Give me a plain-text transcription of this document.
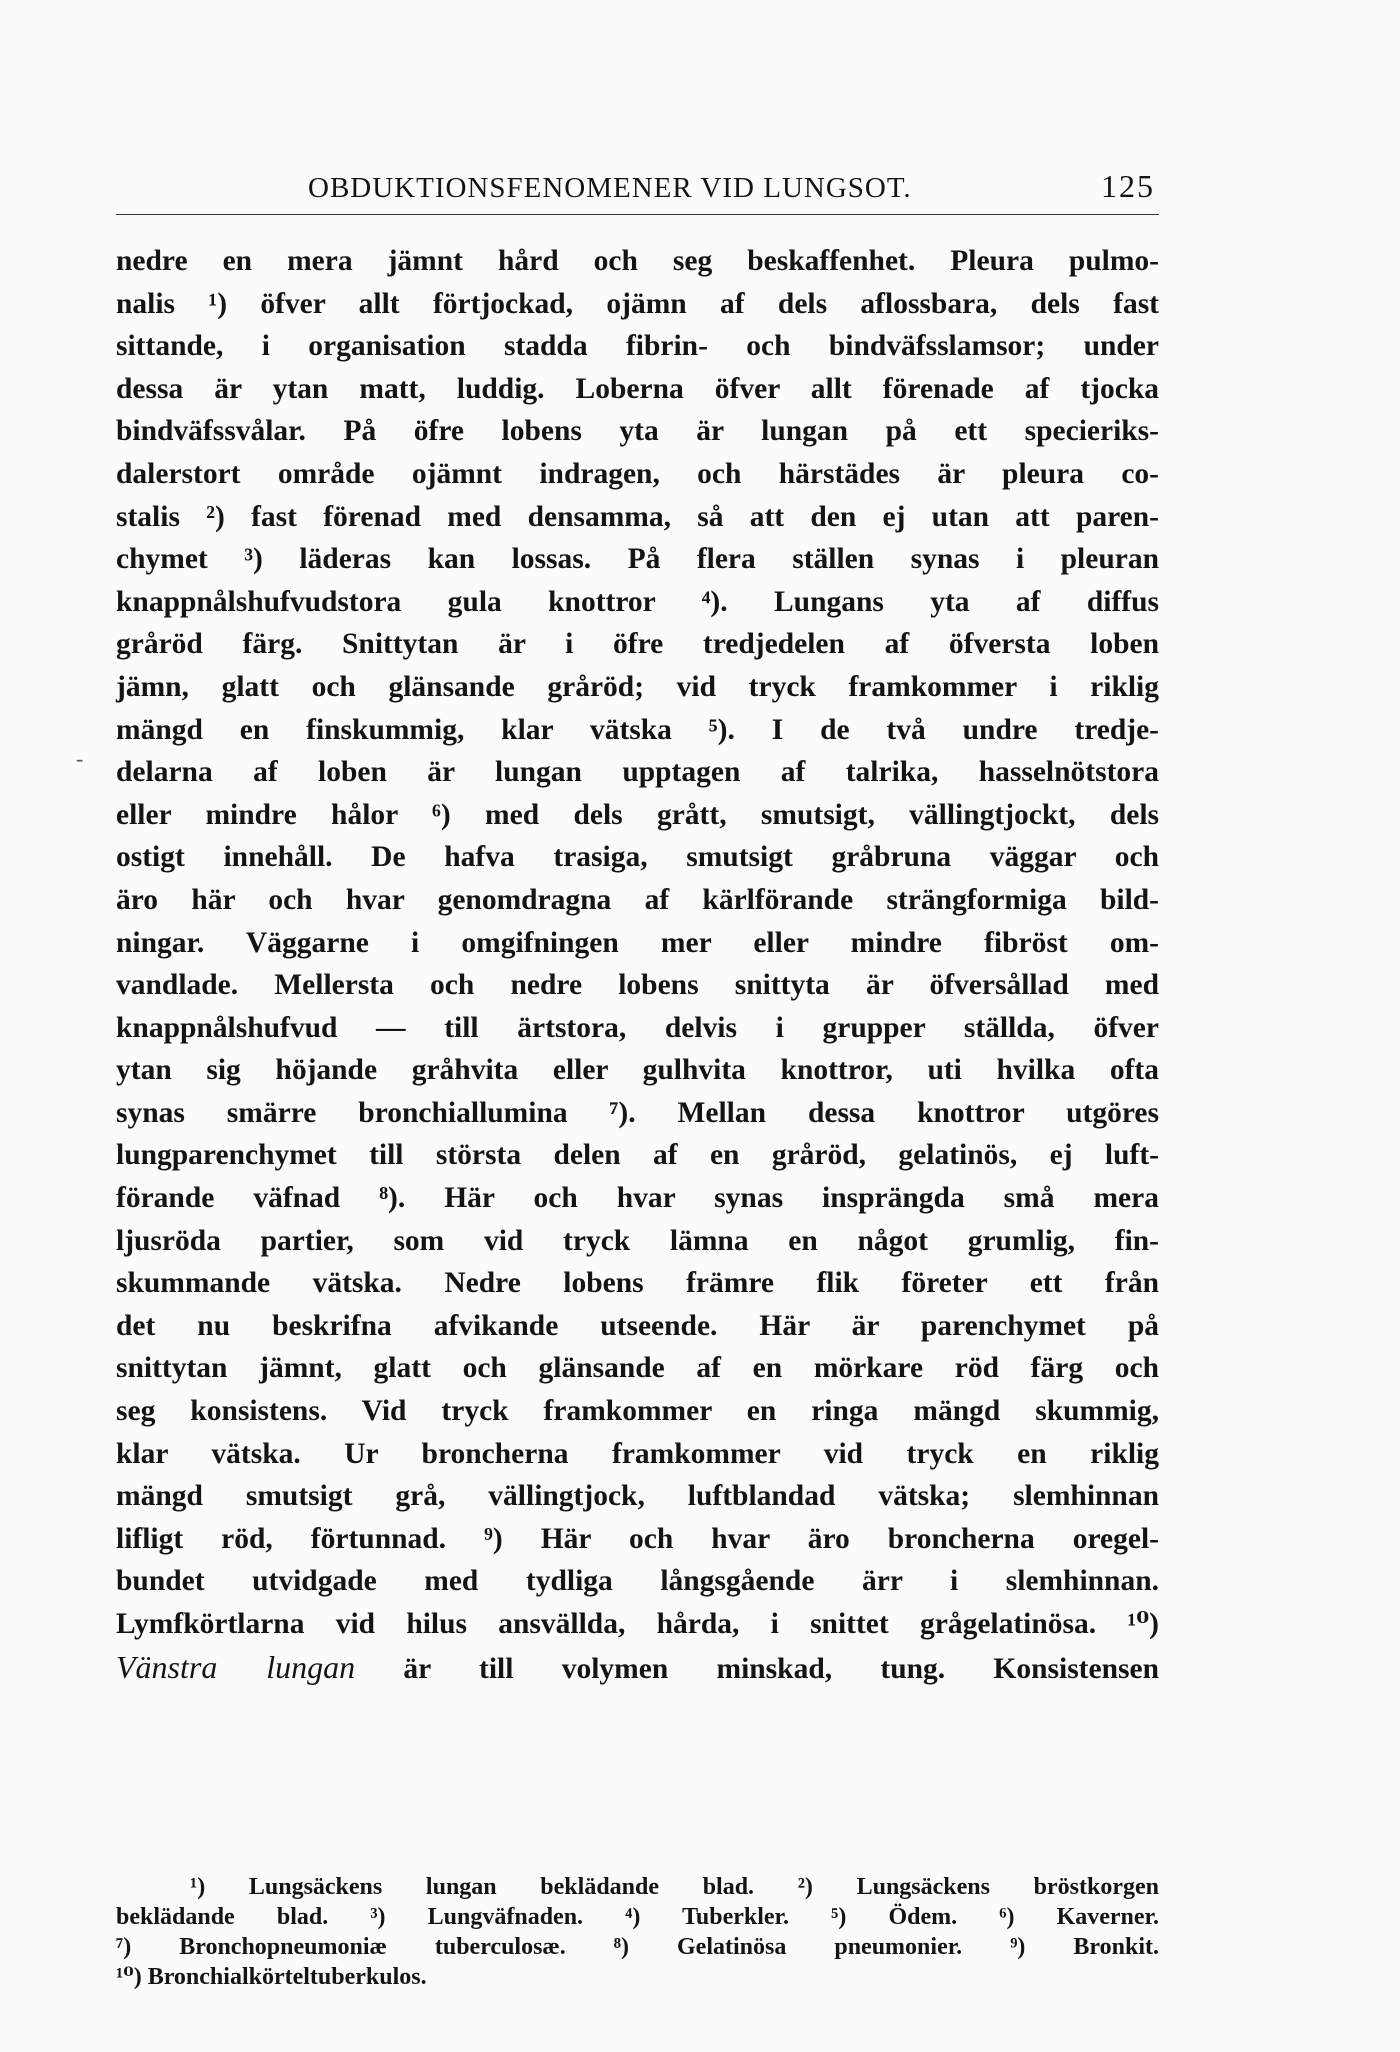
OBDUKTIONSFENOMENER VID LUNGSOT.	125
-
nedre en mera jämnt hård och seg beskaffenhet. Pleura pulmo-
nalis ¹) öfver allt förtjockad, ojämn af dels aflossbara, dels fast
sittande, i organisation stadda fibrin- och bindväfsslamsor; under
dessa är ytan matt, luddig. Loberna öfver allt förenade af tjocka
bindväfssvålar. På öfre lobens yta är lungan på ett specieriks-
dalerstort område ojämnt indragen, och härstädes är pleura co-
stalis ²) fast förenad med densamma, så att den ej utan att paren-
chymet ³) läderas kan lossas. På flera ställen synas i pleuran
knappnålshufvudstora gula knottror ⁴). Lungans yta af diffus
gråröd färg. Snittytan är i öfre tredjedelen af öfversta loben
jämn, glatt och glänsande gråröd; vid tryck framkommer i riklig
mängd en finskummig, klar vätska ⁵). I de två undre tredje-
delarna af loben är lungan upptagen af talrika, hasselnötstora
eller mindre hålor ⁶) med dels grått, smutsigt, vällingtjockt, dels
ostigt innehåll. De hafva trasiga, smutsigt gråbruna väggar och
äro här och hvar genomdragna af kärlförande strängformiga bild-
ningar. Väggarne i omgifningen mer eller mindre fibröst om-
vandlade. Mellersta och nedre lobens snittyta är öfversållad med
knappnålshufvud — till ärtstora, delvis i grupper ställda, öfver
ytan sig höjande gråhvita eller gulhvita knottror, uti hvilka ofta
synas smärre bronchiallumina ⁷). Mellan dessa knottror utgöres
lungparenchymet till största delen af en gråröd, gelatinös, ej luft-
förande väfnad ⁸). Här och hvar synas insprängda små mera
ljusröda partier, som vid tryck lämna en något grumlig, fin-
skummande vätska. Nedre lobens främre flik företer ett från
det nu beskrifna afvikande utseende. Här är parenchymet på
snittytan jämnt, glatt och glänsande af en mörkare röd färg och
seg konsistens. Vid tryck framkommer en ringa mängd skummig,
klar vätska. Ur broncherna framkommer vid tryck en riklig
mängd smutsigt grå, vällingtjock, luftblandad vätska; slemhinnan
lifligt röd, förtunnad. ⁹) Här och hvar äro broncherna oregel-
bundet utvidgade med tydliga långsgående ärr i slemhinnan.
Lymfkörtlarna vid hilus ansvällda, hårda, i snittet grågelatinösa. ¹⁰)
Vänstra lungan är till volymen minskad, tung. Konsistensen
¹) Lungsäckens lungan beklädande blad. ²) Lungsäckens bröstkorgen
beklädande blad. ³) Lungväfnaden. ⁴) Tuberkler. ⁵) Ödem. ⁶) Kaverner.
⁷) Bronchopneumoniæ tuberculosæ. ⁸) Gelatinösa pneumonier. ⁹) Bronkit.
¹⁰) Bronchialkörteltuberkulos.
